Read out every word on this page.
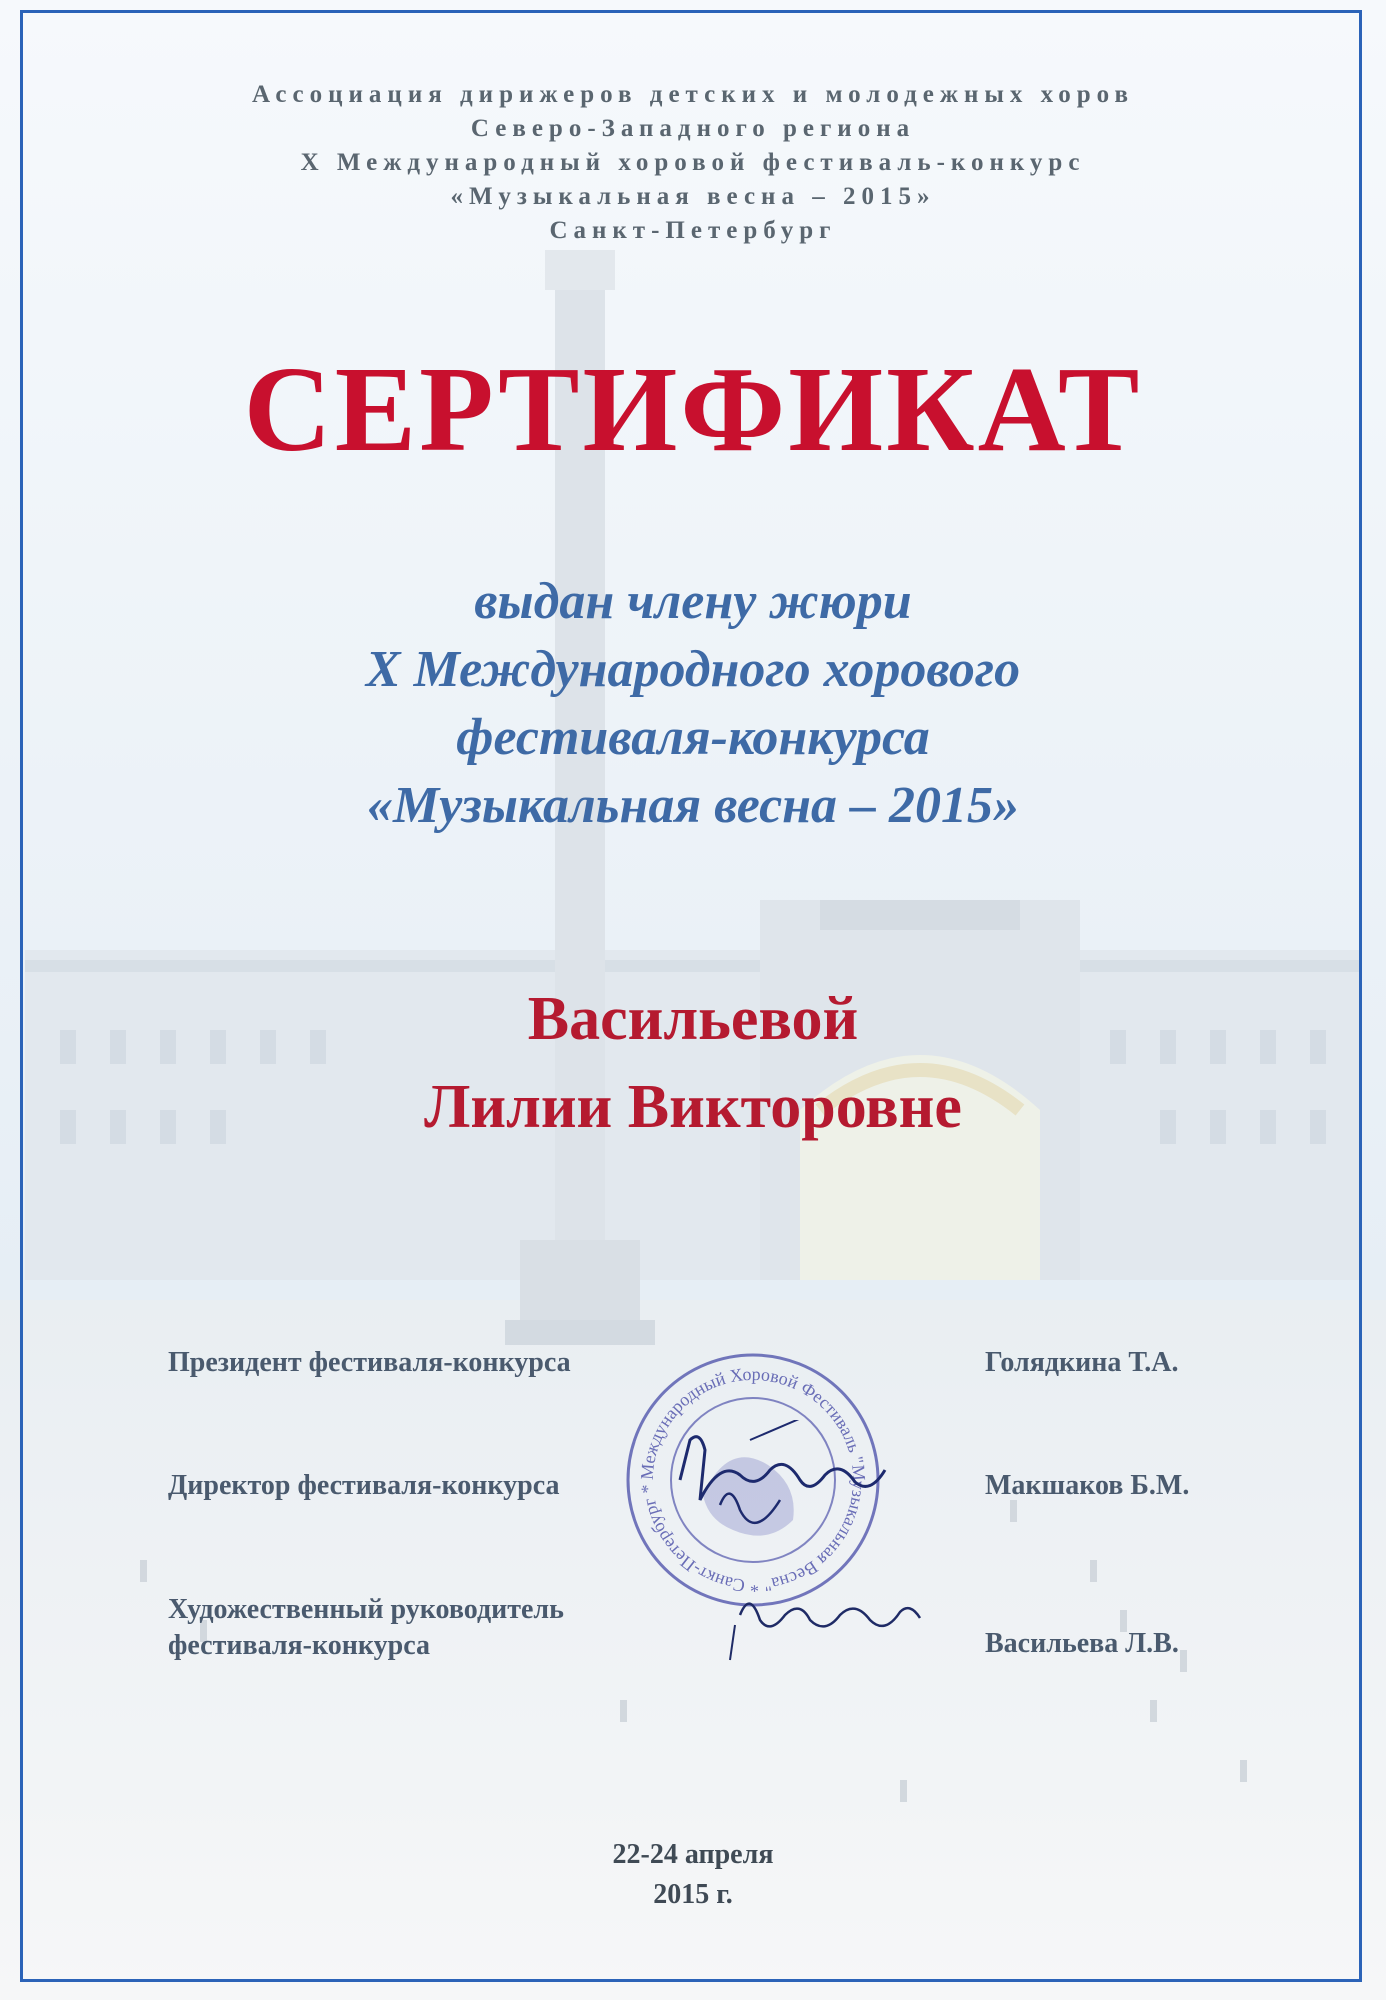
Ассоциация дирижеров детских и молодежных хоров
Северо-Западного региона
X Международный хоровой фестиваль-конкурс
«Музыкальная весна – 2015»
Санкт-Петербург
СЕРТИФИКАТ
выдан члену жюри
X Международного хорового
фестиваля-конкурса
«Музыкальная весна – 2015»
Васильевой
Лилии Викторовне
Президент фестиваля-конкурса	Голядкина Т.А.
Директор фестиваля-конкурса	Макшаков Б.М.
Художественный руководитель
фестиваля-конкурса	Васильева Л.В.
Международный Хоровой Фестиваль "Музыкальная Весна" * Санкт-Петербург *
22-24 апреля
2015 г.
